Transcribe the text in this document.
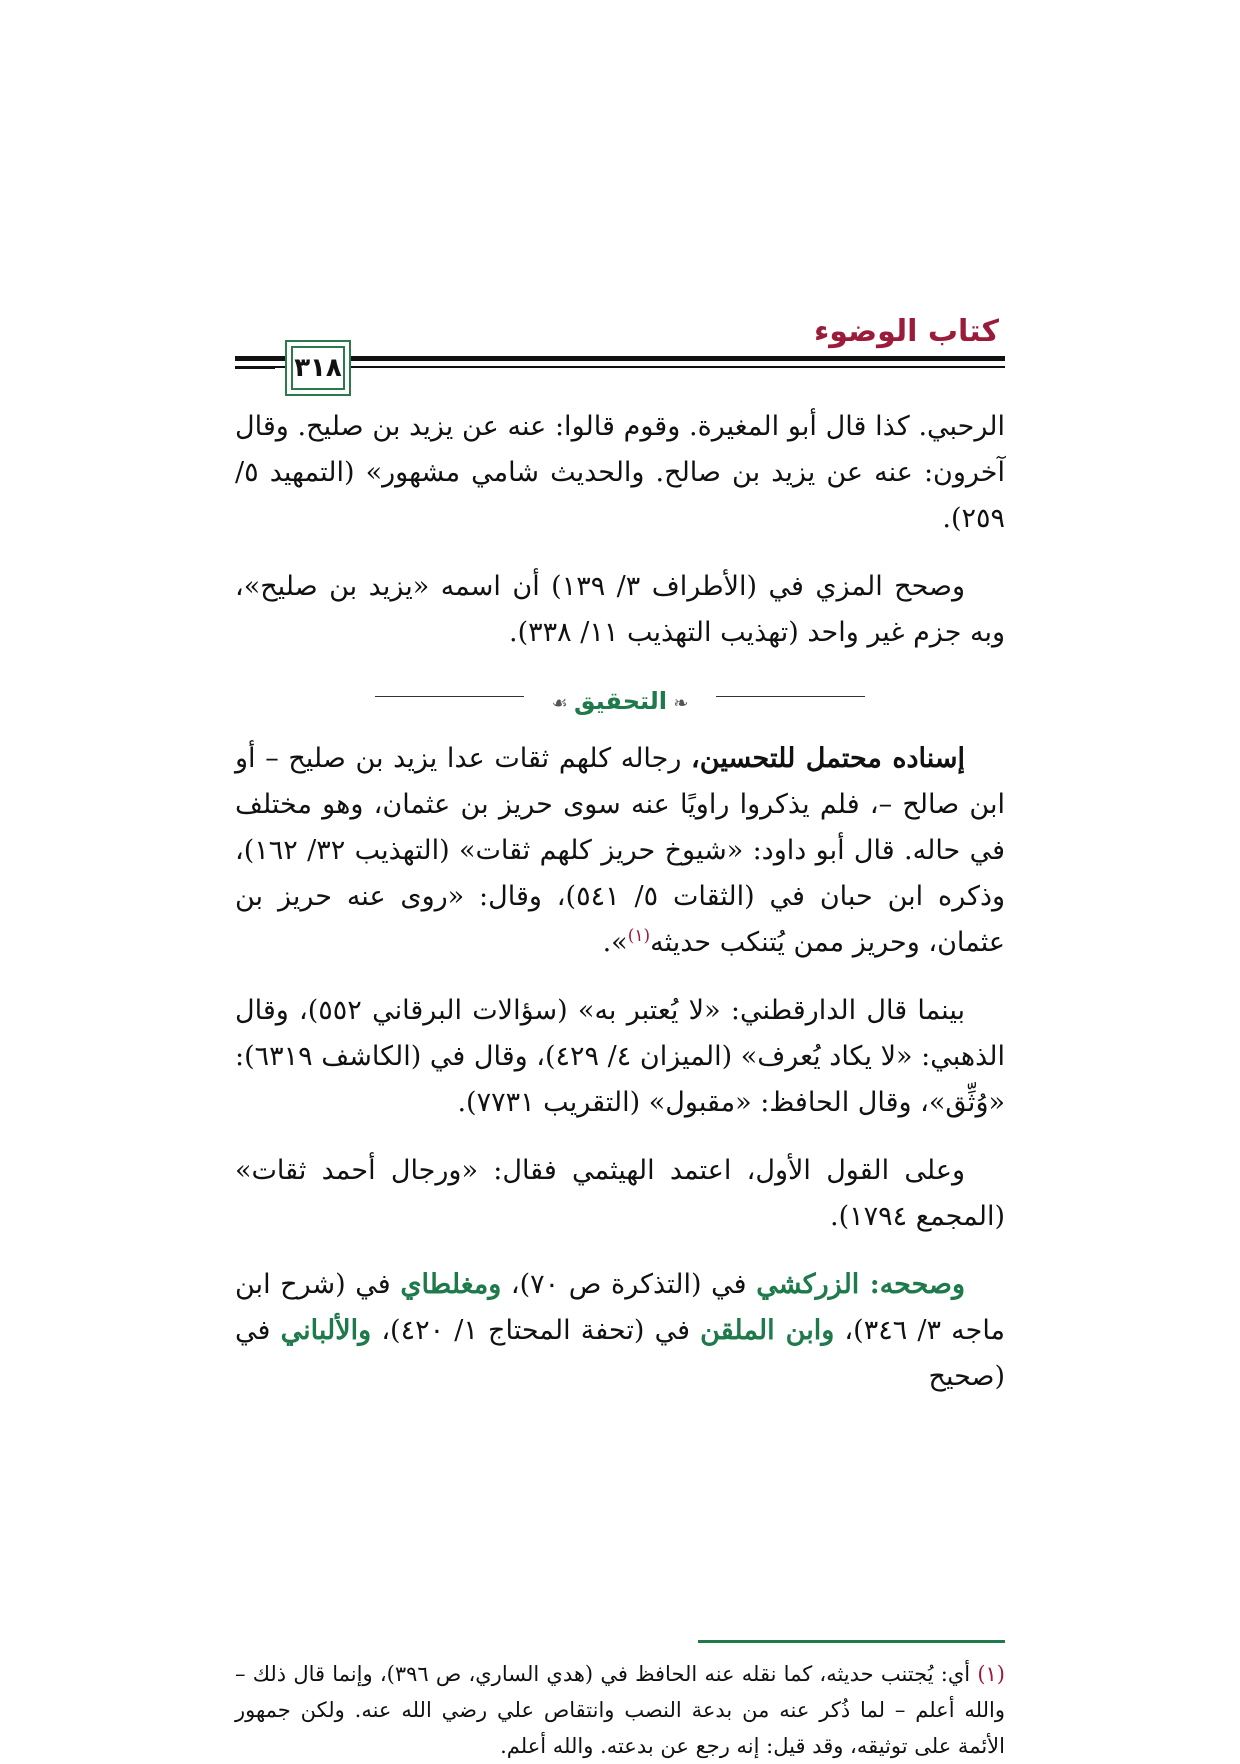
كتاب الوضوء
٣١٨

الرحبي. كذا قال أبو المغيرة. وقوم قالوا: عنه عن يزيد بن صليح. وقال آخرون: عنه عن يزيد بن صالح. والحديث شامي مشهور» (التمهيد ٥/ ٢٥٩).

وصحح المزي في (الأطراف ٣/ ١٣٩) أن اسمه «يزيد بن صليح»، وبه جزم غير واحد (تهذيب التهذيب ١١/ ٣٣٨).

❧ التحقيق ☙

إسناده محتمل للتحسين، رجاله كلهم ثقات عدا يزيد بن صليح – أو ابن صالح –، فلم يذكروا راويًا عنه سوى حريز بن عثمان، وهو مختلف في حاله. قال أبو داود: «شيوخ حريز كلهم ثقات» (التهذيب ٣٢/ ١٦٢)، وذكره ابن حبان في (الثقات ٥/ ٥٤١)، وقال: «روى عنه حريز بن عثمان، وحريز ممن يُتنكب حديثه$^{(١)}$».

بينما قال الدارقطني: «لا يُعتبر به» (سؤالات البرقاني ٥٥٢)، وقال الذهبي: «لا يكاد يُعرف» (الميزان ٤/ ٤٢٩)، وقال في (الكاشف ٦٣١٩): «وُثِّق»، وقال الحافظ: «مقبول» (التقريب ٧٧٣١).

وعلى القول الأول، اعتمد الهيثمي فقال: «ورجال أحمد ثقات» (المجمع ١٧٩٤).

وصححه: الزركشي في (التذكرة ص ٧٠)، ومغلطاي في (شرح ابن ماجه ٣/ ٣٤٦)، وابن الملقن في (تحفة المحتاج ١/ ٤٢٠)، والألباني في (صحيح

(١) أي: يُجتنب حديثه، كما نقله عنه الحافظ في (هدي الساري، ص ٣٩٦)، وإنما قال ذلك – والله أعلم – لما ذُكر عنه من بدعة النصب وانتقاص علي رضي الله عنه. ولكن جمهور الأئمة على توثيقه، وقد قيل: إنه رجع عن بدعته. والله أعلم.
